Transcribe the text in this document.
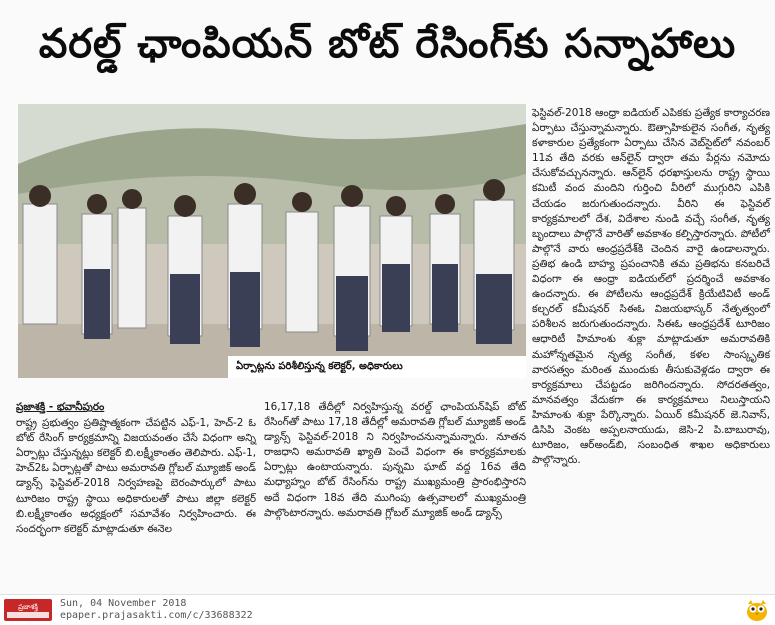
వరల్డ్ ఛాంపియన్ బోట్ రేసింగ్‌కు సన్నాహాలు
ఏర్పాట్లను పరిశీలిస్తున్న కలెక్టర్, అధికారులు
ప్రజాశక్తి - భవానీపురం

రాష్ట్ర ప్రభుత్వం ప్రతిష్టాత్మకంగా చేపట్టిన ఎఫ్-1, హెచ్-2 ఓ బోట్ రేసింగ్ కార్యక్రమాన్ని విజయవంతం చేసే విధంగా అన్ని ఏర్పాట్లు చేస్తున్నట్లు కలెక్టర్ బి.లక్ష్మీకాంతం తెలిపారు. ఎఫ్-1, హెచ్2ఓ ఏర్పాట్లతో పాటు అమరావతి గ్లోబల్ మ్యూజిక్ అండ్ డ్యాన్స్ ఫెస్టివల్-2018 నిర్వహణపై బెరంపార్కులో పాటు టూరిజం రాష్ట్ర స్థాయి అధికారులతో పాటు జిల్లా కలెక్టర్ బి.లక్ష్మీకాంతం అధ్యక్షంలో సమావేశం నిర్వహించారు. ఈ సందర్భంగా కలెక్టర్ మాట్లాడుతూ ఈనెల

16,17,18 తేదీల్లో నిర్వహిస్తున్న వరల్డ్ ఛాంపియన్‌షిప్ బోట్ రేసింగ్‌తో పాటు 17,18 తేదీల్లో అమరావతి గ్లోబల్ మ్యూజిక్ అండ్ డ్యాన్స్ ఫెస్టివల్-2018 ని నిర్వహించనున్నామన్నారు. నూతన రాజధాని అమరావతి ఖ్యాతి పెంచే విధంగా ఈ కార్యక్రమాలకు ఏర్పాట్లు ఉంటాయన్నారు. పున్నమి ఘాట్ వద్ద 16వ తేది మధ్యాహ్నం బోట్ రేసింగ్‌ను రాష్ట్ర ముఖ్యమంత్రి ప్రారంభిస్తారని అదే విధంగా 18వ తేది ముగింపు ఉత్సవాలలో ముఖ్యమంత్రి పాల్గొంటారన్నారు. అమరావతి గ్లోబల్ మ్యూజిక్ అండ్ డ్యాన్స్

ఫెస్టివల్-2018 ఆంధ్రా ఐడియల్ ఎపికకు ప్రత్యేక కార్యాచరణ ఏర్పాటు చేస్తున్నామన్నారు. ఔత్సాహికులైన సంగీత, నృత్య కళాకారుల ప్రత్యేకంగా ఏర్పాటు చేసిన వెబ్‌సైట్‌లో నవంబర్ 11వ తేది వరకు ఆన్‌లైన్ ద్వారా తమ పేర్లను నమోదు చేసుకోవచ్చునన్నారు. ఆన్‌లైన్ ధరఖాస్తులను రాష్ట్ర స్థాయి కమిటీ వంద మందిని గుర్తించి వీరిలో ముగ్గురిని ఎపికి చేయడం జరుగుతుందన్నారు. వీరిని ఈ ఫెస్టివల్ కార్యక్రమాలలో దేశ, విదేశాల నుండి వచ్చే సంగీత, నృత్య బృందాలు పాల్గొనే వారితో అవకాశం కల్పిస్తారన్నారు. పోటీలో పాల్గొనే వారు ఆంధ్రప్రదేశ్‌కి చెందిన వారై ఉండాలన్నారు. ప్రతిభ ఉండి బాహ్య ప్రపంచానికి తమ ప్రతిభను కనబరిచే విధంగా ఈ ఆంధ్రా ఐడియల్‌లో ప్రదర్శించే అవకాశం ఉందన్నారు. ఈ పోటీలను ఆంధ్రప్రదేశ్ క్రియేటివిటీ అండ్ కల్చరల్ కమీషనర్ సిఈఓ విజయభాస్కర్ నేతృత్వంలో పరిశీలన జరుగుతుందన్నారు. సిఈఓ ఆంధ్రప్రదేశ్ టూరిజం ఆధారిటీ హిమాంశు శుక్లా మాట్లాడుతూ అమరావతికి మహోన్నతమైన నృత్య సంగీత, కళల సాంస్కృతిక వారసత్వం మరింత ముందుకు తీసుకువెళ్లడం ద్వారా ఈ కార్యక్రమాలు చేపట్టడం జరిగిందన్నారు. సోదరతత్వం, మానవత్వం వేదుకగా ఈ కార్యక్రమాలు నిలుస్తాయని హిమాంశు శుక్లా పేర్కొన్నారు. ఏయిర్ కమీషనర్ జె.నివాస్, డిసిపి వెంకట అప్పలనాయుడు, జెసి-2 పి.బాబురావు, టూరిజం, ఆర్అండ్‌బి, సంబంధిత శాఖల అధికారులు పాల్గొన్నారు.

ప్రజాశక్తి Sun, 04 November 2018
epaper.prajasakti.com/c/33688322
